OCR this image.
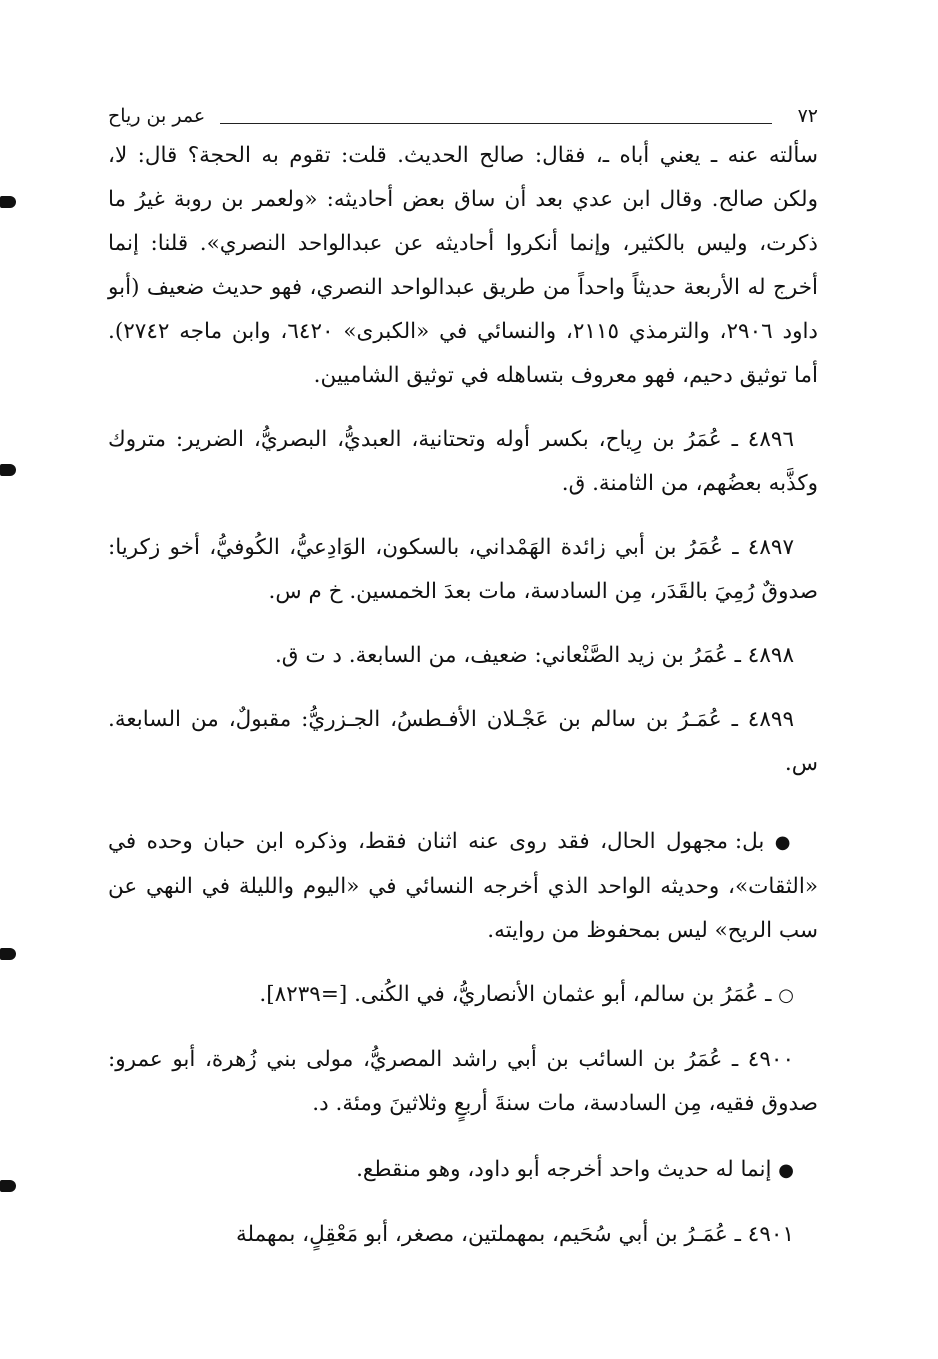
٧٢
عمر بن رياح

سألته عنه ـ يعني أباه ـ، فقال: صالح الحديث. قلت: تقوم به الحجة؟ قال: لا، ولكن صالح. وقال ابن عدي بعد أن ساق بعض أحاديثه: «ولعمر بن روبة غيرُ ما ذكرت، وليس بالكثير، وإنما أنكروا أحاديثه عن عبدالواحد النصري». قلنا: إنما أخرج له الأربعة حديثاً واحداً من طريق عبدالواحد النصري، فهو حديث ضعيف (أبو داود ٢٩٠٦، والترمذي ٢١١٥، والنسائي في «الكبرى» ٦٤٢٠، وابن ماجه ٢٧٤٢). أما توثيق دحيم، فهو معروف بتساهله في توثيق الشاميين.

٤٨٩٦ ـ عُمَرُ بن رِياح، بكسر أوله وتحتانية، العبديُّ، البصريُّ، الضرير: متروك وكذَّبه بعضُهم، من الثامنة. ق.

٤٨٩٧ ـ عُمَرُ بن أبي زائدة الهَمْداني، بالسكون، الوَادِعيُّ، الكُوفيُّ، أخو زكريا: صدوقٌ رُمِيَ بالقَدَر، مِن السادسة، مات بعدَ الخمسين. خ م س.

٤٨٩٨ ـ عُمَرُ بن زيد الصَّنْعاني: ضعيف، من السابعة. د ت ق.

٤٨٩٩ ـ عُمَـرُ بن سالم بن عَجْـلان الأفـطسُ، الجـزريُّ: مقبولٌ، من السابعة. س.

● بل: مجهول الحال، فقد روى عنه اثنان فقط، وذكره ابن حبان وحده في «الثقات»، وحديثه الواحد الذي أخرجه النسائي في «اليوم والليلة في النهي عن سب الريح» ليس بمحفوظ من روايته.

○ ـ عُمَرُ بن سالم، أبو عثمان الأنصاريُّ، في الكُنى. [=٨٢٣٩].

٤٩٠٠ ـ عُمَرُ بن السائب بن أبي راشد المصريُّ، مولى بني زُهرة، أبو عمرو: صدوق فقيه، مِن السادسة، مات سنةَ أربعٍ وثلاثينَ ومئة. د.

● إنما له حديث واحد أخرجه أبو داود، وهو منقطع.

٤٩٠١ ـ عُمَـرُ بن أبي سُحَيم، بمهملتين، مصغر، أبو مَعْقِلٍ، بمهملة
